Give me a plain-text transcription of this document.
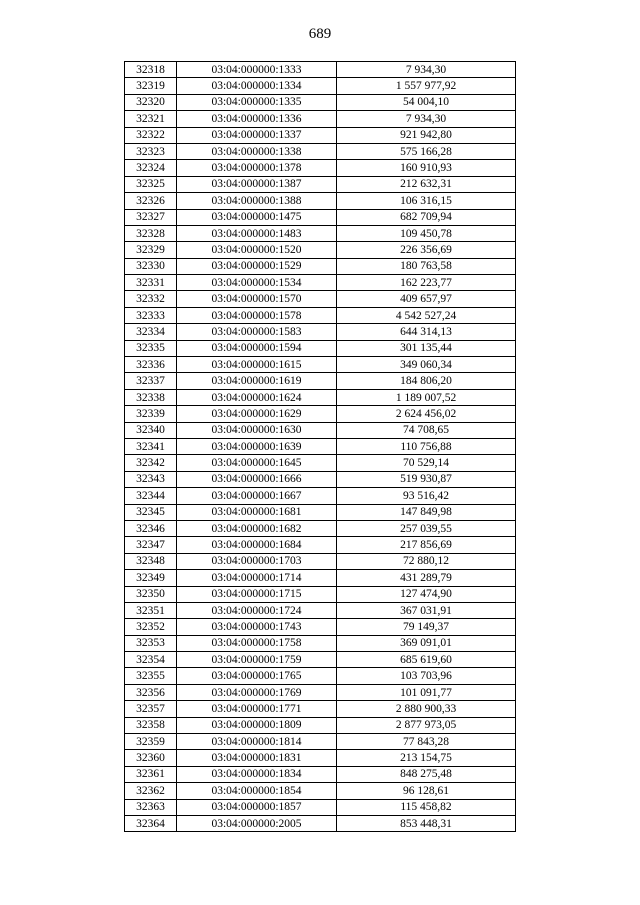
689
32318	03:04:000000:1333	7 934,30
32319	03:04:000000:1334	1 557 977,92
32320	03:04:000000:1335	54 004,10
32321	03:04:000000:1336	7 934,30
32322	03:04:000000:1337	921 942,80
32323	03:04:000000:1338	575 166,28
32324	03:04:000000:1378	160 910,93
32325	03:04:000000:1387	212 632,31
32326	03:04:000000:1388	106 316,15
32327	03:04:000000:1475	682 709,94
32328	03:04:000000:1483	109 450,78
32329	03:04:000000:1520	226 356,69
32330	03:04:000000:1529	180 763,58
32331	03:04:000000:1534	162 223,77
32332	03:04:000000:1570	409 657,97
32333	03:04:000000:1578	4 542 527,24
32334	03:04:000000:1583	644 314,13
32335	03:04:000000:1594	301 135,44
32336	03:04:000000:1615	349 060,34
32337	03:04:000000:1619	184 806,20
32338	03:04:000000:1624	1 189 007,52
32339	03:04:000000:1629	2 624 456,02
32340	03:04:000000:1630	74 708,65
32341	03:04:000000:1639	110 756,88
32342	03:04:000000:1645	70 529,14
32343	03:04:000000:1666	519 930,87
32344	03:04:000000:1667	93 516,42
32345	03:04:000000:1681	147 849,98
32346	03:04:000000:1682	257 039,55
32347	03:04:000000:1684	217 856,69
32348	03:04:000000:1703	72 880,12
32349	03:04:000000:1714	431 289,79
32350	03:04:000000:1715	127 474,90
32351	03:04:000000:1724	367 031,91
32352	03:04:000000:1743	79 149,37
32353	03:04:000000:1758	369 091,01
32354	03:04:000000:1759	685 619,60
32355	03:04:000000:1765	103 703,96
32356	03:04:000000:1769	101 091,77
32357	03:04:000000:1771	2 880 900,33
32358	03:04:000000:1809	2 877 973,05
32359	03:04:000000:1814	77 843,28
32360	03:04:000000:1831	213 154,75
32361	03:04:000000:1834	848 275,48
32362	03:04:000000:1854	96 128,61
32363	03:04:000000:1857	115 458,82
32364	03:04:000000:2005	853 448,31
